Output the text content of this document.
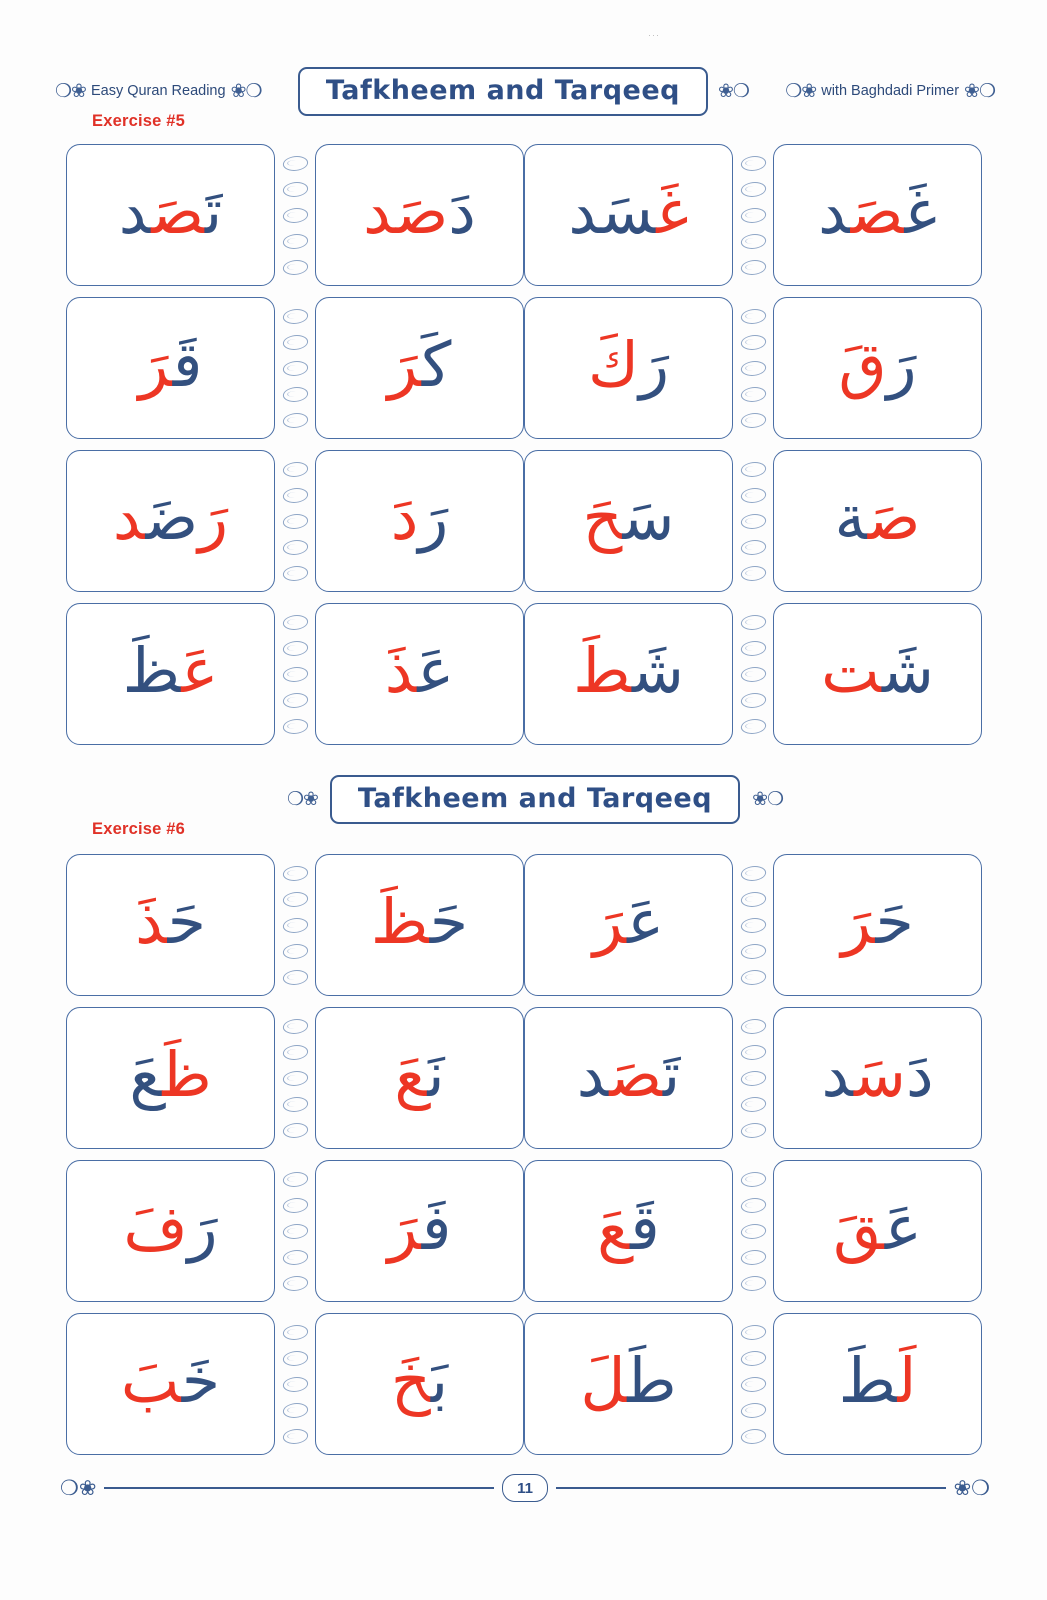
···
❍❀ Easy Quran Reading ❀❍ Tafkheem and Tarqeeq ❀❍ ❍❀ with Baghdadi Primer ❀❍
Exercise #5
تَصَد	دَصَد	غَسَد	غَصَد
قَرَ	كَرَ	رَكَ	رَقَ
رَضَد	رَدَ	سَحَ	صَة
عَظَ	عَذَ	شَطَ	شَت
❍❀ Tafkheem and Tarqeeq ❀❍
Exercise #6
حَذَ	حَظَ	عَرَ	حَرَ
ظَعَ	نَعَ	تَصَد	دَسَد
رَفَ	فَرَ	قَعَ	عَقَ
خَبَ	بَخَ	طَلَ	لَطَ
❍❀	11	❀❍
